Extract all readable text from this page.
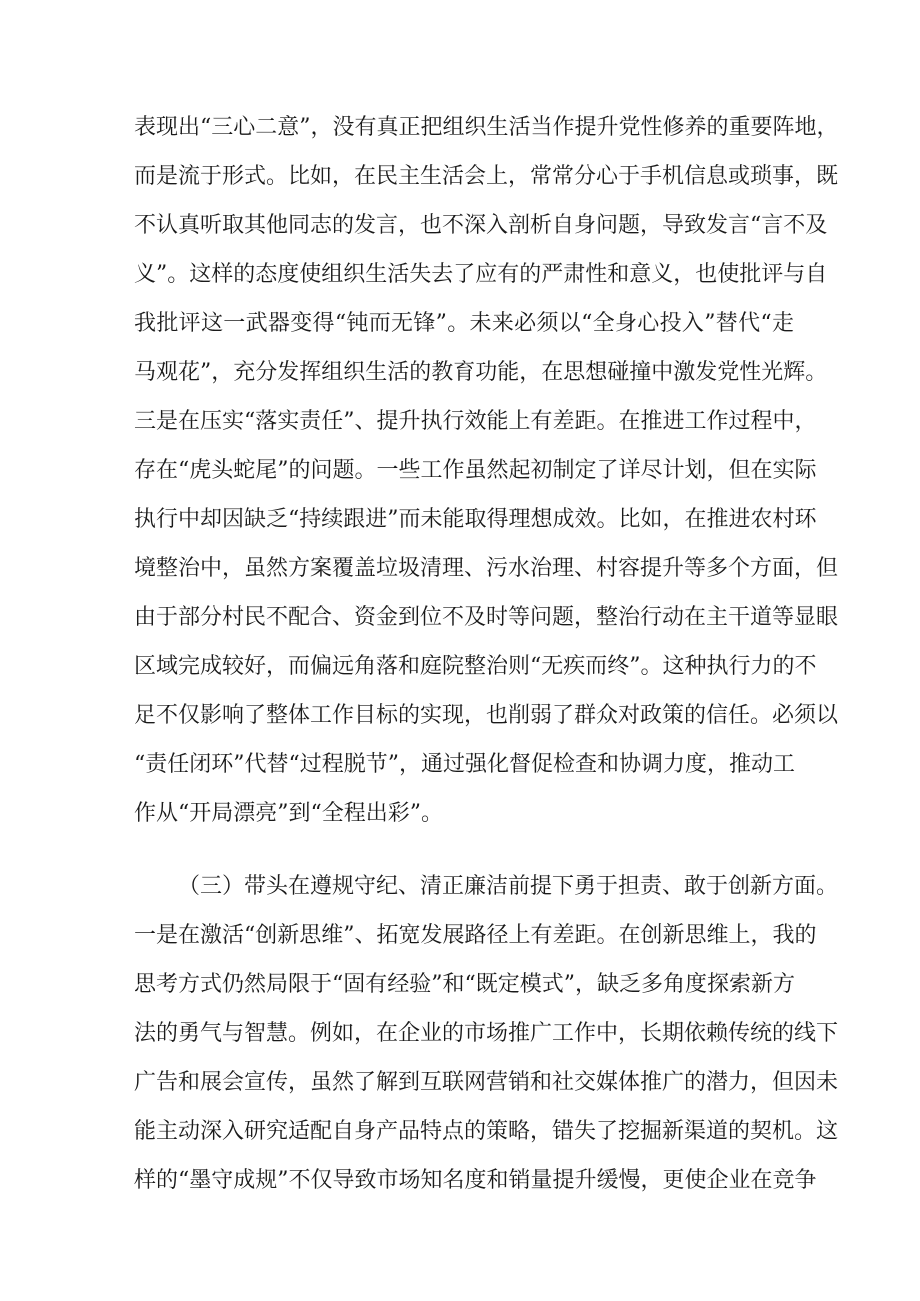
表现出“三心二意”，没有真正把组织生活当作提升党性修养的重要阵地，
而是流于形式。比如，在民主生活会上，常常分心于手机信息或琐事，既
不认真听取其他同志的发言，也不深入剖析自身问题，导致发言“言不及
义”。这样的态度使组织生活失去了应有的严肃性和意义，也使批评与自
我批评这一武器变得“钝而无锋”。未来必须以“全身心投入”替代“走
马观花”，充分发挥组织生活的教育功能，在思想碰撞中激发党性光辉。
三是在压实“落实责任”、提升执行效能上有差距。在推进工作过程中，
存在“虎头蛇尾”的问题。一些工作虽然起初制定了详尽计划，但在实际
执行中却因缺乏“持续跟进”而未能取得理想成效。比如，在推进农村环
境整治中，虽然方案覆盖垃圾清理、污水治理、村容提升等多个方面，但
由于部分村民不配合、资金到位不及时等问题，整治行动在主干道等显眼
区域完成较好，而偏远角落和庭院整治则“无疾而终”。这种执行力的不
足不仅影响了整体工作目标的实现，也削弱了群众对政策的信任。必须以
“责任闭环”代替“过程脱节”，通过强化督促检查和协调力度，推动工
作从“开局漂亮”到“全程出彩”。
（三）带头在遵规守纪、清正廉洁前提下勇于担责、敢于创新方面。
一是在激活“创新思维”、拓宽发展路径上有差距。在创新思维上，我的
思考方式仍然局限于“固有经验”和“既定模式”，缺乏多角度探索新方
法的勇气与智慧。例如，在企业的市场推广工作中，长期依赖传统的线下
广告和展会宣传，虽然了解到互联网营销和社交媒体推广的潜力，但因未
能主动深入研究适配自身产品特点的策略，错失了挖掘新渠道的契机。这
样的“墨守成规”不仅导致市场知名度和销量提升缓慢，更使企业在竞争
